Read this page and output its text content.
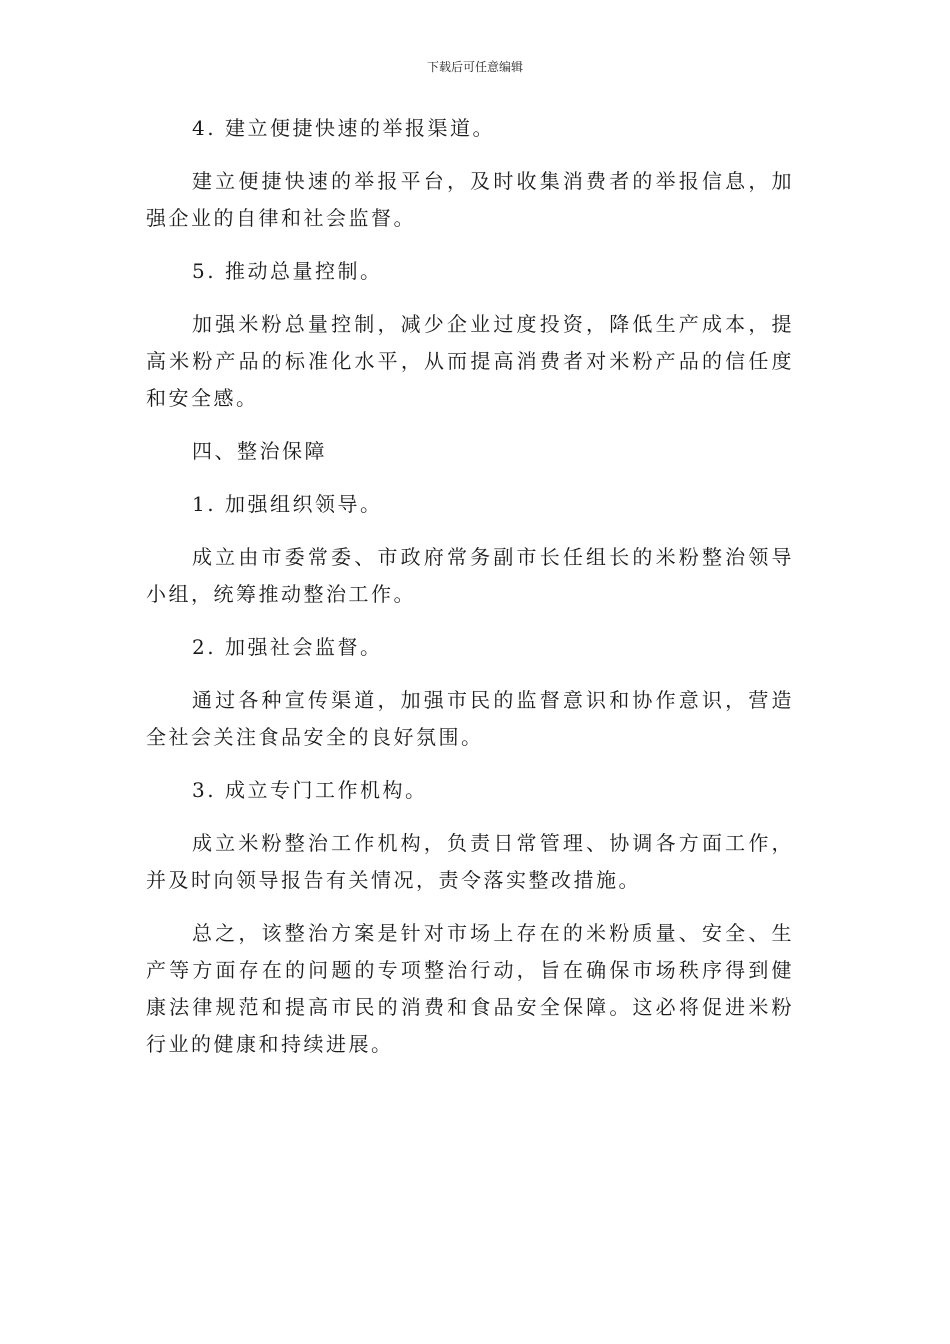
下载后可任意编辑

4. 建立便捷快速的举报渠道。

建立便捷快速的举报平台，及时收集消费者的举报信息，加强企业的自律和社会监督。

5. 推动总量控制。

加强米粉总量控制，减少企业过度投资，降低生产成本，提高米粉产品的标准化水平，从而提高消费者对米粉产品的信任度和安全感。

四、整治保障

1. 加强组织领导。

成立由市委常委、市政府常务副市长任组长的米粉整治领导小组，统筹推动整治工作。

2. 加强社会监督。

通过各种宣传渠道，加强市民的监督意识和协作意识，营造全社会关注食品安全的良好氛围。

3. 成立专门工作机构。

成立米粉整治工作机构，负责日常管理、协调各方面工作，并及时向领导报告有关情况，责令落实整改措施。

总之，该整治方案是针对市场上存在的米粉质量、安全、生产等方面存在的问题的专项整治行动，旨在确保市场秩序得到健康法律规范和提高市民的消费和食品安全保障。这必将促进米粉行业的健康和持续进展。
